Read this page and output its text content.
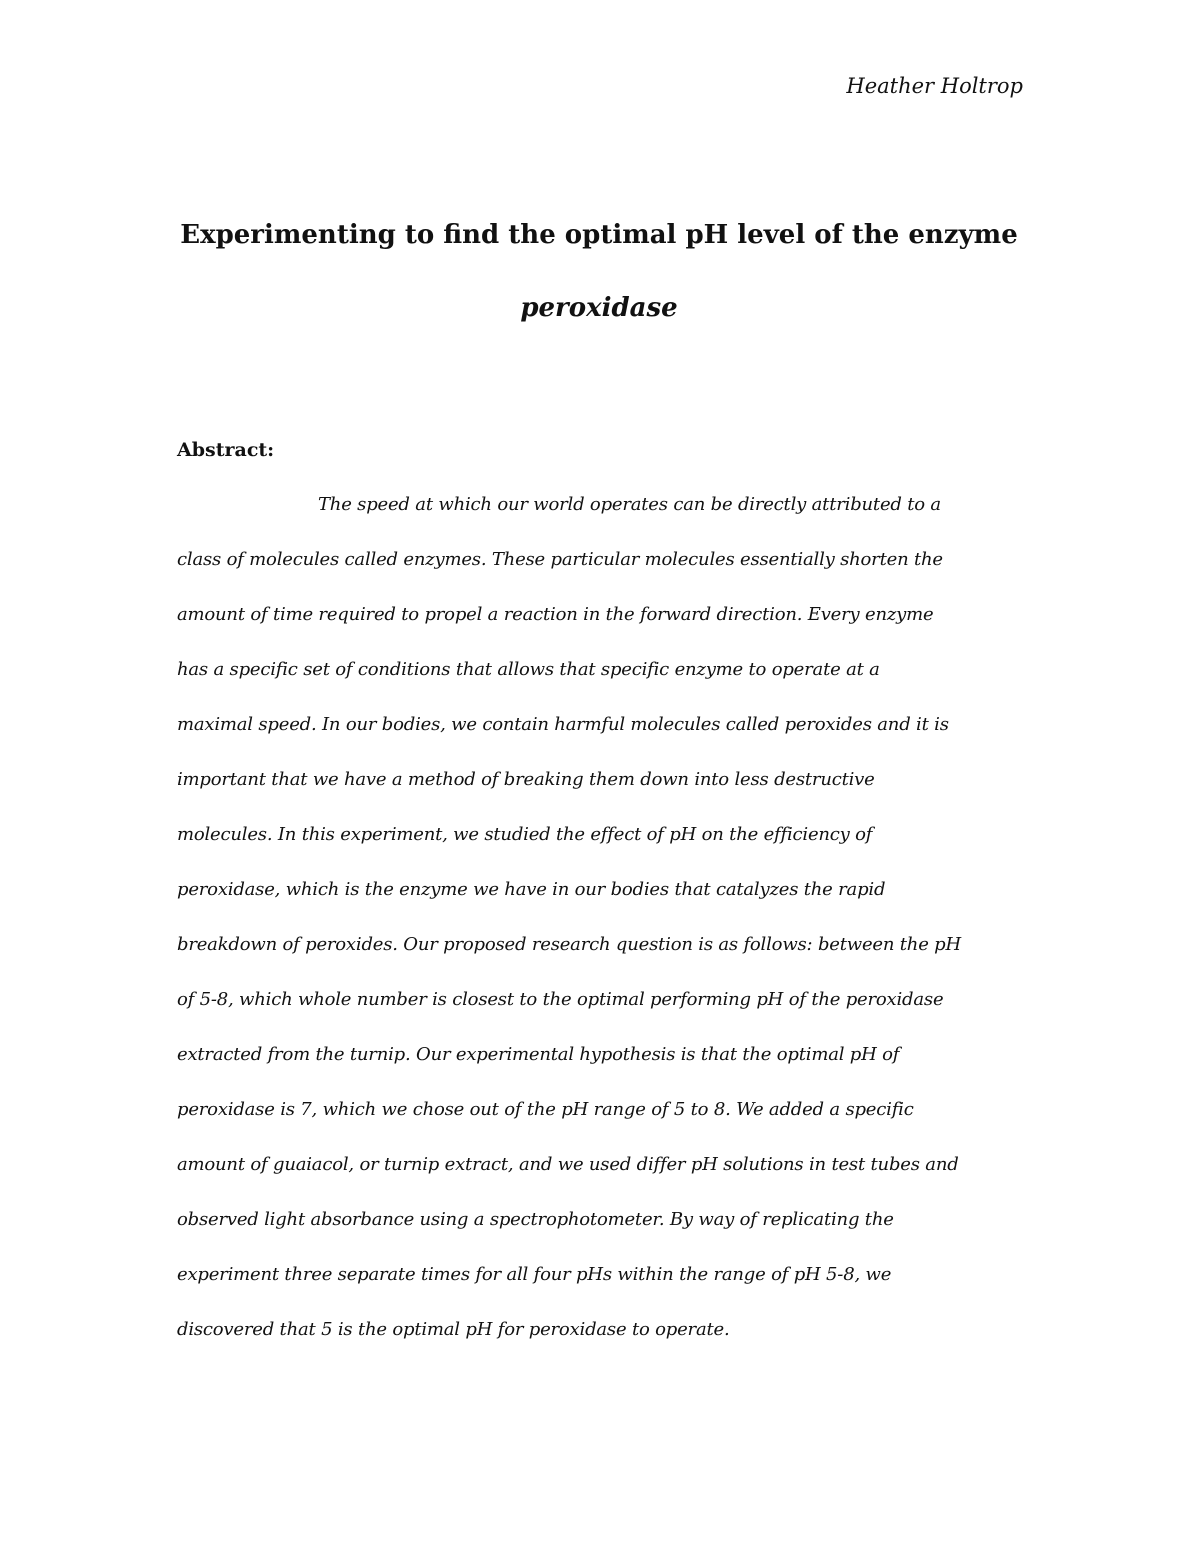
Heather Holtrop
Experimenting to find the optimal pH level of the enzyme
peroxidase
Abstract:
The speed at which our world operates can be directly attributed to a
class of molecules called enzymes. These particular molecules essentially shorten the
amount of time required to propel a reaction in the forward direction. Every enzyme
has a specific set of conditions that allows that specific enzyme to operate at a
maximal speed. In our bodies, we contain harmful molecules called peroxides and it is
important that we have a method of breaking them down into less destructive
molecules. In this experiment, we studied the effect of pH on the efficiency of
peroxidase, which is the enzyme we have in our bodies that catalyzes the rapid
breakdown of peroxides. Our proposed research question is as follows: between the pH
of 5-8, which whole number is closest to the optimal performing pH of the peroxidase
extracted from the turnip. Our experimental hypothesis is that the optimal pH of
peroxidase is 7, which we chose out of the pH range of 5 to 8. We added a specific
amount of guaiacol, or turnip extract, and we used differ pH solutions in test tubes and
observed light absorbance using a spectrophotometer. By way of replicating the
experiment three separate times for all four pHs within the range of pH 5-8, we
discovered that 5 is the optimal pH for peroxidase to operate.
